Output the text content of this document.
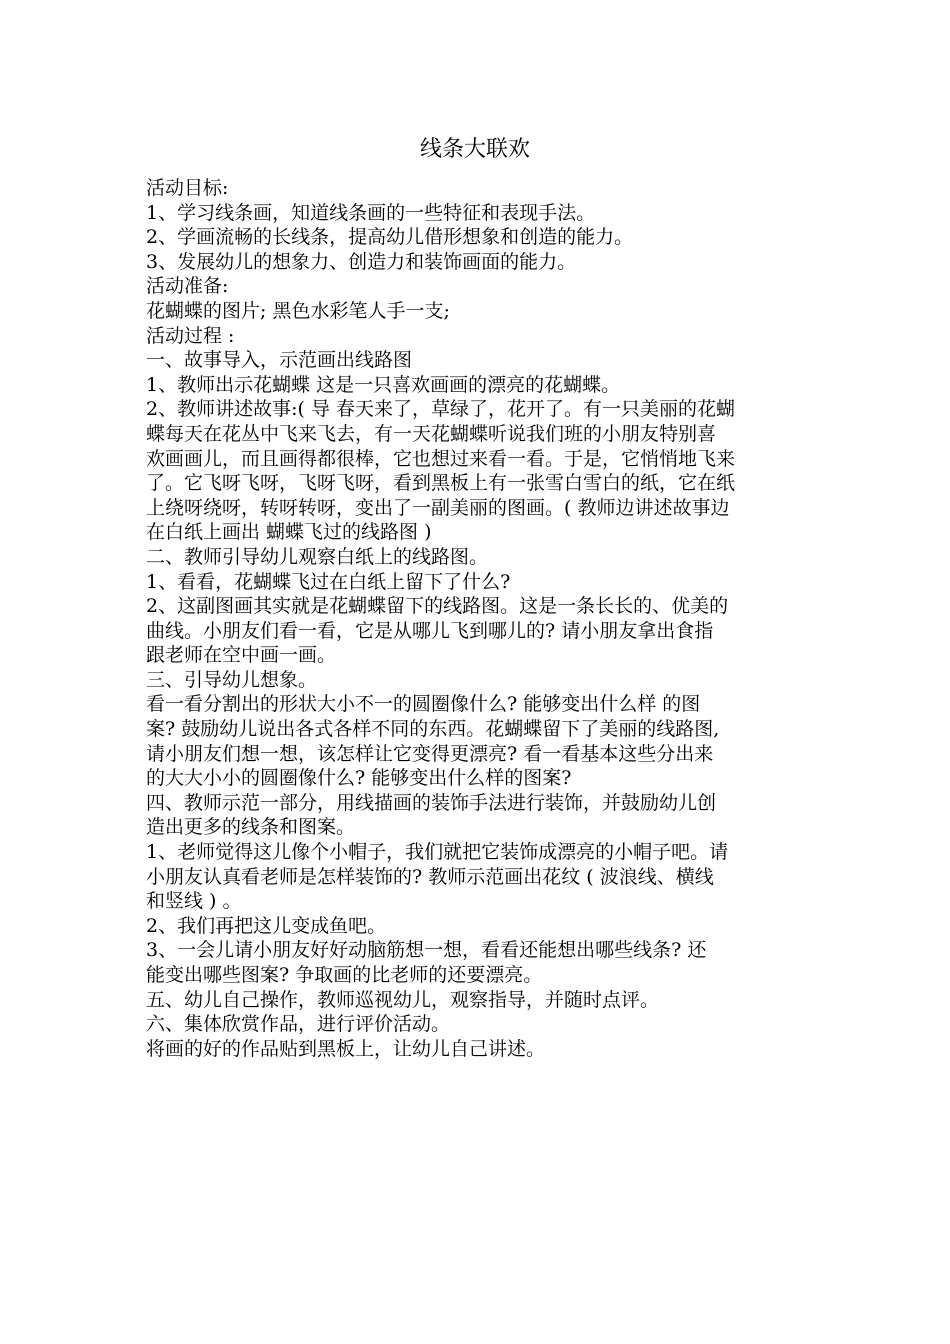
线条大联欢
活动目标:
1、学习线条画，知道线条画的一些特征和表现手法。
2、学画流畅的长线条，提高幼儿借形想象和创造的能力。
3、发展幼儿的想象力、创造力和装饰画面的能力。
活动准备:
花蝴蝶的图片; 黑色水彩笔人手一支;
活动过程 :
一、故事导入，示范画出线路图
1、教师出示花蝴蝶 这是一只喜欢画画的漂亮的花蝴蝶。
2、教师讲述故事:( 导 春天来了，草绿了，花开了。有一只美丽的花蝴
蝶每天在花丛中飞来飞去，有一天花蝴蝶听说我们班的小朋友特别喜
欢画画儿，而且画得都很棒，它也想过来看一看。于是，它悄悄地飞来
了。它飞呀飞呀，飞呀飞呀，看到黑板上有一张雪白雪白的纸，它在纸
上绕呀绕呀，转呀转呀，变出了一副美丽的图画。( 教师边讲述故事边
在白纸上画出 蝴蝶飞过的线路图 )
二、教师引导幼儿观察白纸上的线路图。
1、看看，花蝴蝶飞过在白纸上留下了什么?
2、这副图画其实就是花蝴蝶留下的线路图。这是一条长长的、优美的
曲线。小朋友们看一看，它是从哪儿飞到哪儿的? 请小朋友拿出食指
跟老师在空中画一画。
三、引导幼儿想象。
看一看分割出的形状大小不一的圆圈像什么? 能够变出什么样 的图
案? 鼓励幼儿说出各式各样不同的东西。花蝴蝶留下了美丽的线路图,
请小朋友们想一想，该怎样让它变得更漂亮? 看一看基本这些分出来
的大大小小的圆圈像什么? 能够变出什么样的图案?
四、教师示范一部分，用线描画的装饰手法进行装饰，并鼓励幼儿创
造出更多的线条和图案。
1、老师觉得这儿像个小帽子，我们就把它装饰成漂亮的小帽子吧。请
小朋友认真看老师是怎样装饰的? 教师示范画出花纹 ( 波浪线、横线
和竖线 ) 。
2、我们再把这儿变成鱼吧。
3、一会儿请小朋友好好动脑筋想一想，看看还能想出哪些线条? 还
能变出哪些图案? 争取画的比老师的还要漂亮。
五、幼儿自己操作，教师巡视幼儿，观察指导，并随时点评。
六、集体欣赏作品，进行评价活动。
将画的好的作品贴到黑板上，让幼儿自己讲述。
